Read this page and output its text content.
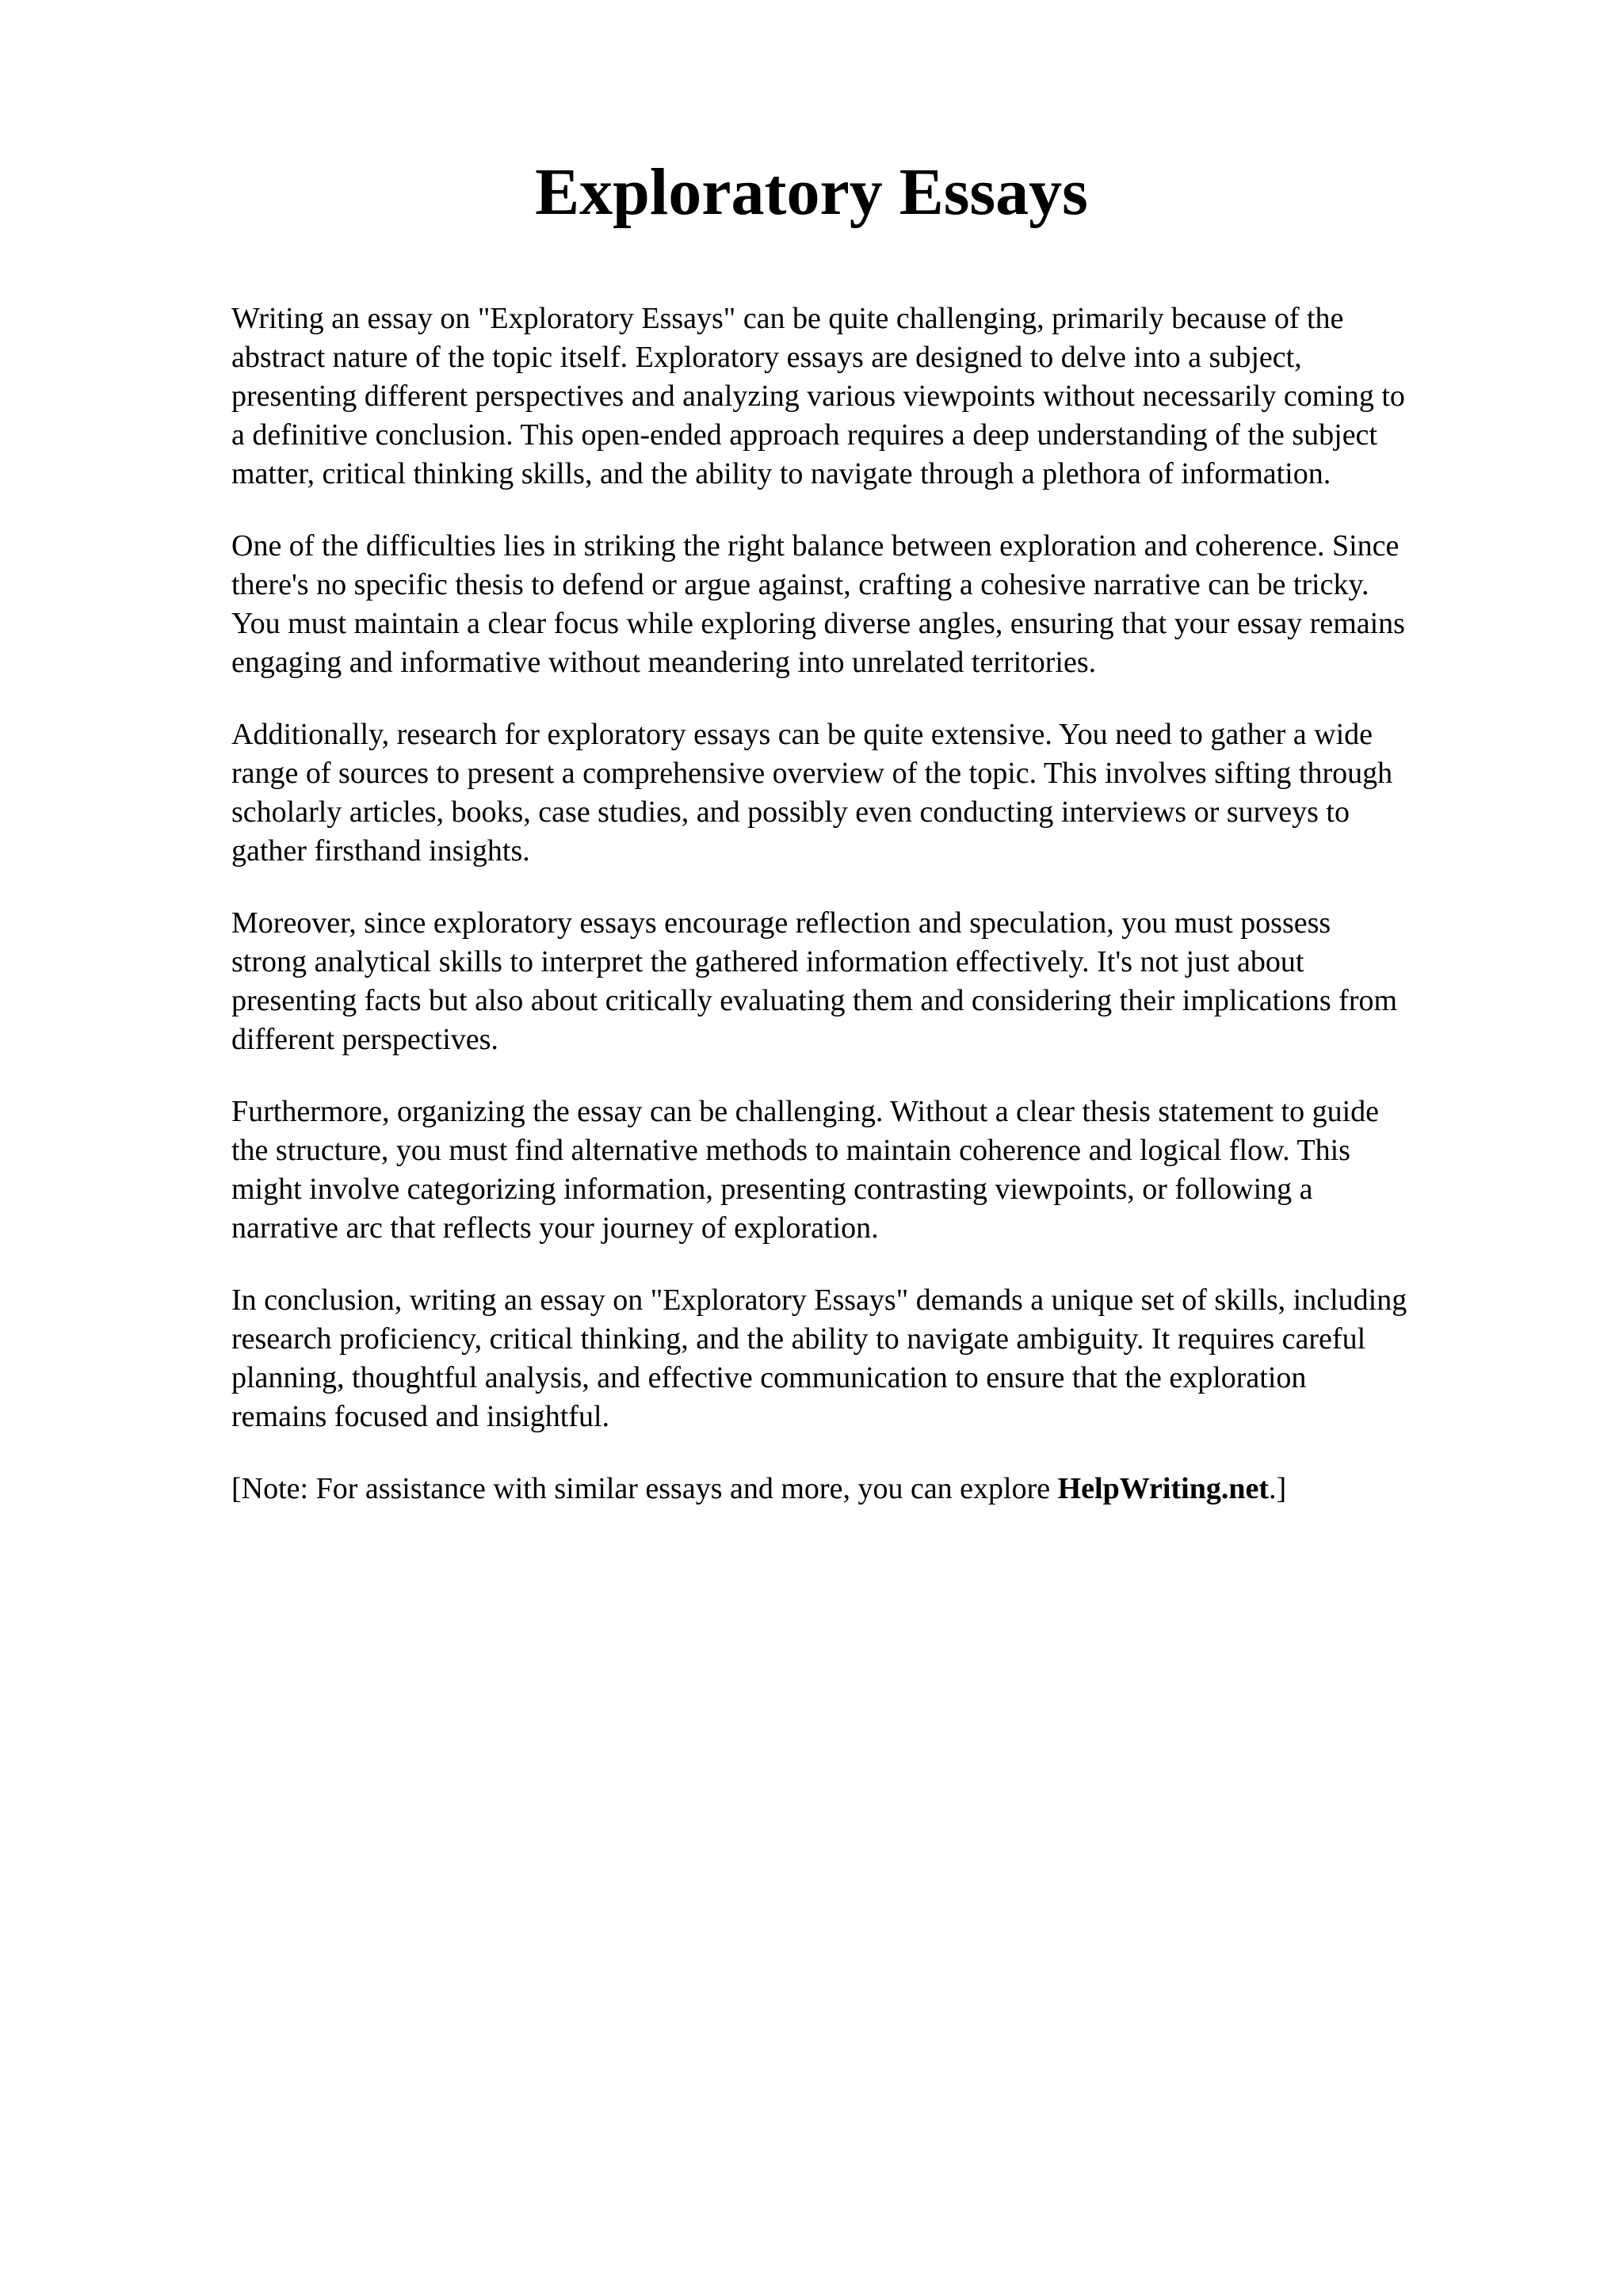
Exploratory Essays

Writing an essay on "Exploratory Essays" can be quite challenging, primarily because of the
abstract nature of the topic itself. Exploratory essays are designed to delve into a subject,
presenting different perspectives and analyzing various viewpoints without necessarily coming to
a definitive conclusion. This open-ended approach requires a deep understanding of the subject
matter, critical thinking skills, and the ability to navigate through a plethora of information.

One of the difficulties lies in striking the right balance between exploration and coherence. Since
there's no specific thesis to defend or argue against, crafting a cohesive narrative can be tricky.
You must maintain a clear focus while exploring diverse angles, ensuring that your essay remains
engaging and informative without meandering into unrelated territories.

Additionally, research for exploratory essays can be quite extensive. You need to gather a wide
range of sources to present a comprehensive overview of the topic. This involves sifting through
scholarly articles, books, case studies, and possibly even conducting interviews or surveys to
gather firsthand insights.

Moreover, since exploratory essays encourage reflection and speculation, you must possess
strong analytical skills to interpret the gathered information effectively. It's not just about
presenting facts but also about critically evaluating them and considering their implications from
different perspectives.

Furthermore, organizing the essay can be challenging. Without a clear thesis statement to guide
the structure, you must find alternative methods to maintain coherence and logical flow. This
might involve categorizing information, presenting contrasting viewpoints, or following a
narrative arc that reflects your journey of exploration.

In conclusion, writing an essay on "Exploratory Essays" demands a unique set of skills, including
research proficiency, critical thinking, and the ability to navigate ambiguity. It requires careful
planning, thoughtful analysis, and effective communication to ensure that the exploration
remains focused and insightful.

[Note: For assistance with similar essays and more, you can explore HelpWriting.net.]
